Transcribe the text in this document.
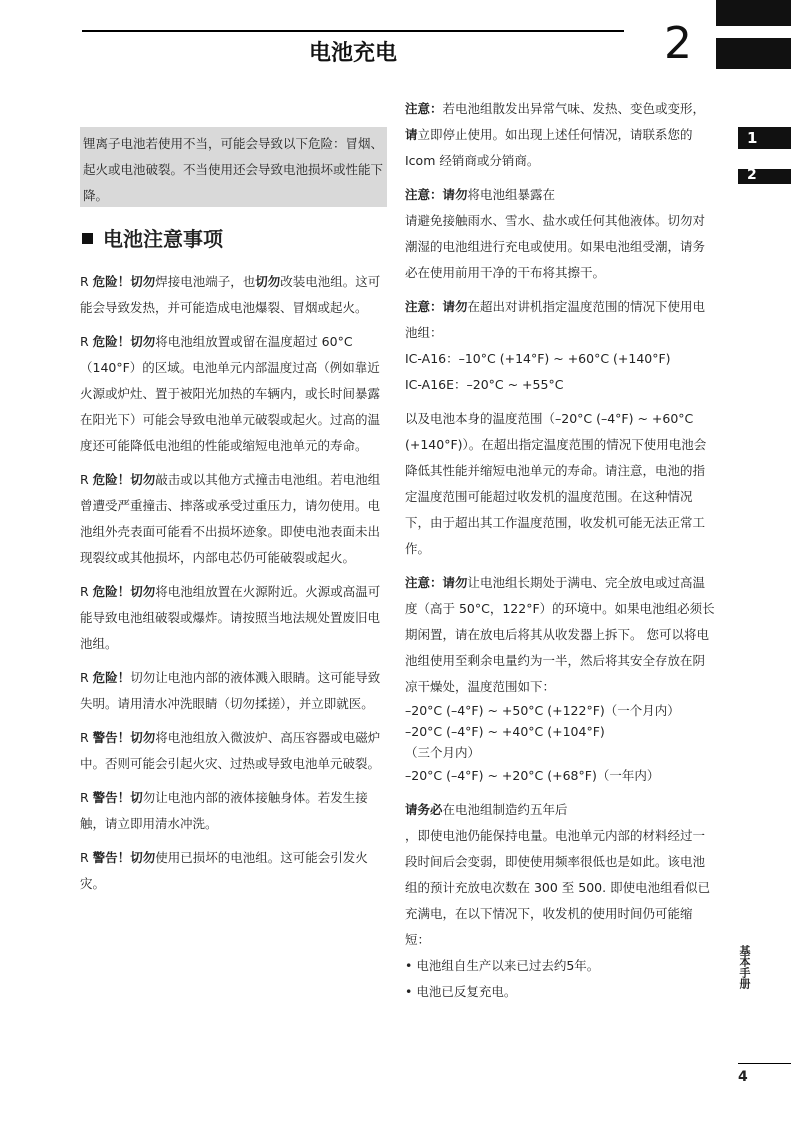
电池充电	2
1
2
锂离子电池若使用不当，可能会导致以下危险：冒烟、起火或电池破裂。不当使用还会导致电池损坏或性能下降。
电池注意事项

R 危险！切勿焊接电池端子，也切勿改装电池组。这可能会导致发热，并可能造成电池爆裂、冒烟或起火。

R 危险！切勿将电池组放置或留在温度超过 60°C（140°F）的区域。电池单元内部温度过高（例如靠近火源或炉灶、置于被阳光加热的车辆内，或长时间暴露在阳光下）可能会导致电池单元破裂或起火。过高的温度还可能降低电池组的性能或缩短电池单元的寿命。

R 危险！切勿敲击或以其他方式撞击电池组。若电池组曾遭受严重撞击、摔落或承受过重压力，请勿使用。电池组外壳表面可能看不出损坏迹象。即使电池表面未出现裂纹或其他损坏，内部电芯仍可能破裂或起火。

R 危险！切勿将电池组放置在火源附近。火源或高温可能导致电池组破裂或爆炸。请按照当地法规处置废旧电池组。

R 危险！切勿让电池内部的液体溅入眼睛。这可能导致失明。请用清水冲洗眼睛（切勿揉搓），并立即就医。

R 警告！切勿将电池组放入微波炉、高压容器或电磁炉中。否则可能会引起火灾、过热或导致电池单元破裂。

R 警告！切勿让电池内部的液体接触身体。若发生接触，请立即用清水冲洗。

R 警告！切勿使用已损坏的电池组。这可能会引发火灾。

注意：若电池组散发出异常气味、发热、变色或变形，请立即停止使用。如出现上述任何情况，请联系您的 Icom 经销商或分销商。

注意：请勿将电池组暴露在
请避免接触雨水、雪水、盐水或任何其他液体。切勿对潮湿的电池组进行充电或使用。如果电池组受潮，请务必在使用前用干净的干布将其擦干。

注意：请勿在超出对讲机指定温度范围的情况下使用电池组：

IC-A16：–10°C (+14°F) ~ +60°C (+140°F)

IC-A16E：–20°C ~ +55°C

以及电池本身的温度范围（–20°C (–4°F) ~ +60°C (+140°F)）。在超出指定温度范围的情况下使用电池会降低其性能并缩短电池单元的寿命。请注意，电池的指定温度范围可能超过收发机的温度范围。在这种情况下，由于超出其工作温度范围，收发机可能无法正常工作。

注意：请勿让电池组长期处于满电、完全放电或过高温度（高于 50°C，122°F）的环境中。如果电池组必须长期闲置，请在放电后将其从收发器上拆下。 您可以将电池组使用至剩余电量约为一半，然后将其安全存放在阴凉干燥处，温度范围如下：

–20°C (–4°F) ~ +50°C (+122°F)（一个月内）

–20°C (–4°F) ~ +40°C (+104°F)

（三个月内）

–20°C (–4°F) ~ +20°C (+68°F)（一年内）

请务必在电池组制造约五年后
，即使电池仍能保持电量。电池单元内部的材料经过一段时间后会变弱，即使使用频率很低也是如此。该电池组的预计充放电次数在 300 至 500. 即使电池组看似已充满电，在以下情况下，收发机的使用时间仍可能缩短：

• 电池组自生产以来已过去约5年。

• 电池已反复充电。

基本手册
4
